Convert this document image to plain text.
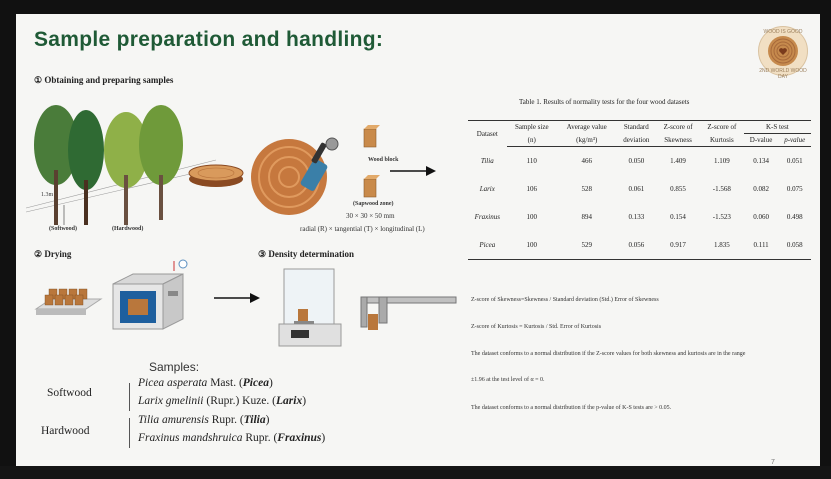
Sample preparation and handling:	WOOD IS GOOD
2ND WORLD WOOD DAY
① Obtaining and preparing samples
1.3m
(Softwood)	(Hardwood)
Wood block
(Sapwood zone)
30 × 30 × 50 mm
radial (R) × tangential (T) × longitudinal (L)
② Drying	③ Density determination
Table 1. Results of normality tests for the four wood datasets
Dataset	Sample size	Average value	Standard	Z-score of	Z-score of	K-S test	
	(n)	(kg/m³)	deviation	Skewness	Kurtosis	D-value	p-value
Tilia	110	466	0.050	1.409	1.109	0.134	0.051
Larix	106	528	0.061	0.855	-1.568	0.082	0.075
Fraxinus	100	894	0.133	0.154	-1.523	0.060	0.498
Picea	100	529	0.056	0.917	1.835	0.111	0.058
Z-score of Skewness=Skewness / Standard deviation (Std.) Error of Skewness
Z-score of Kurtosis = Kurtosis / Std. Error of Kurtosis
The dataset conforms to a normal distribution if the Z-score values for both skewness and kurtosis are in the range
±1.96 at the test level of α = 0.
The dataset conforms to a normal distribution if the p-value of K-S tests are > 0.05.
Samples:
Softwood
Hardwood
Picea asperata Mast. (Picea)
Larix gmelinii (Rupr.) Kuze. (Larix)
Tilia amurensis Rupr. (Tilia)
Fraxinus mandshruica Rupr. (Fraxinus)
7
